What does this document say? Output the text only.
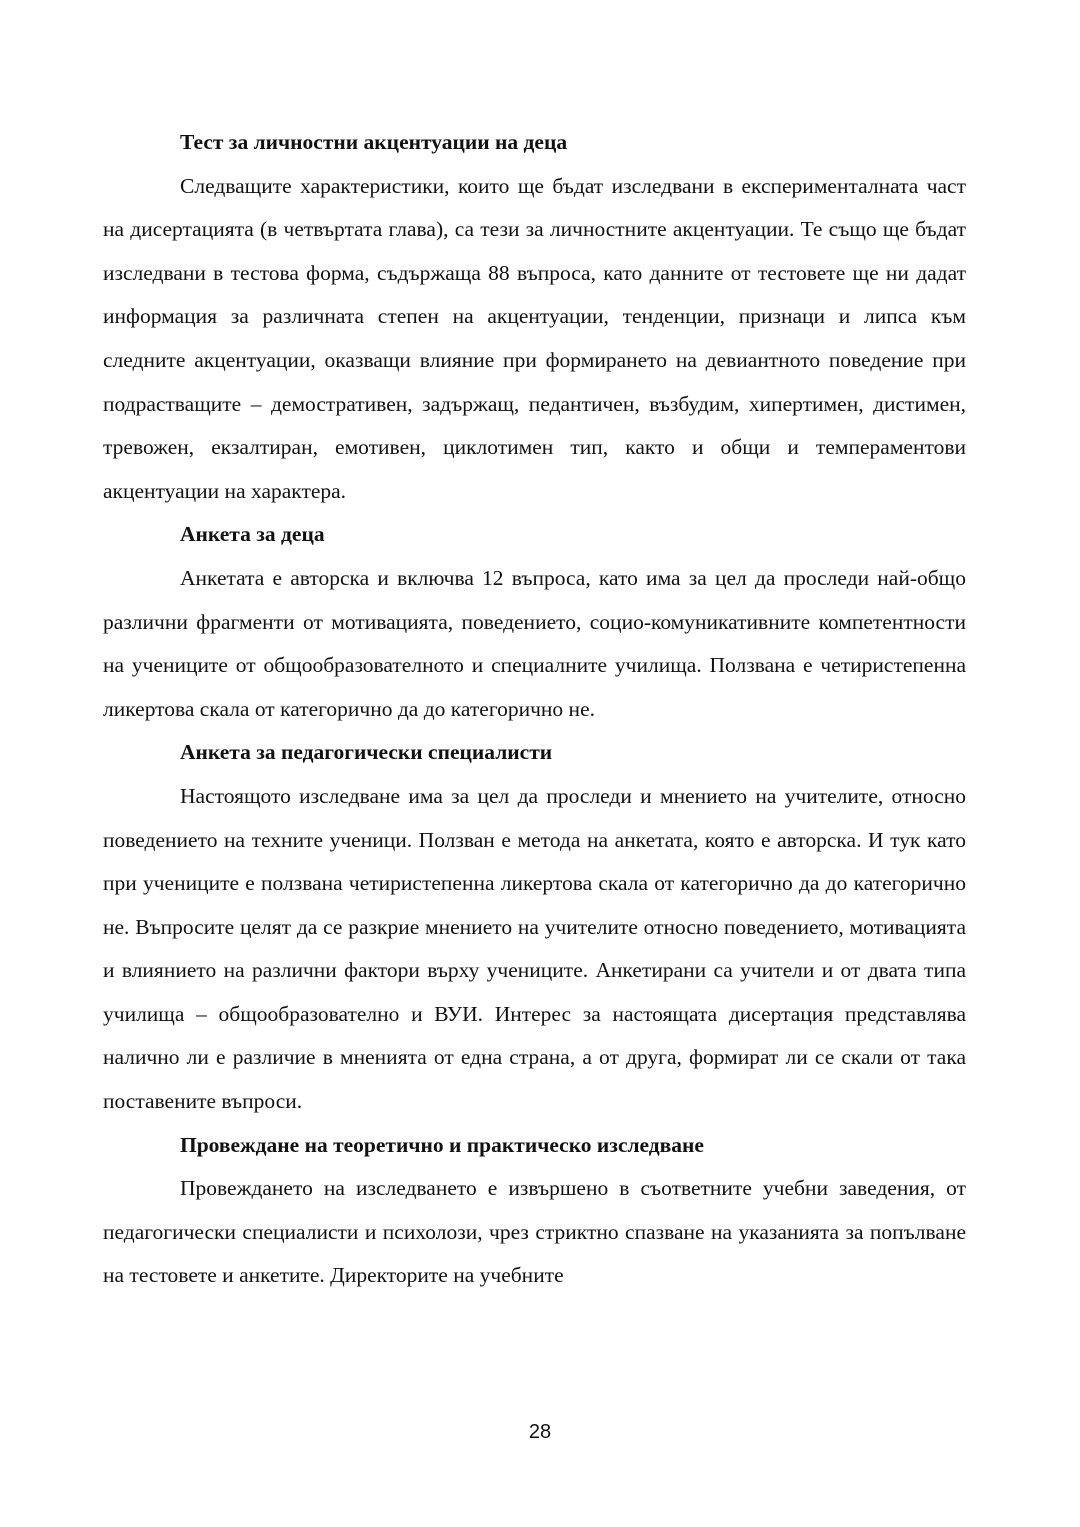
Тест за личностни акцентуации на деца

Следващите характеристики, които ще бъдат изследвани в експерименталната част на дисертацията (в четвъртата глава), са тези за личностните акцентуации. Те също ще бъдат изследвани в тестова форма, съдържаща 88 въпроса, като данните от тестовете ще ни дадат информация за различната степен на акцентуации, тенденции, признаци и липса към следните акцентуации, оказващи влияние при формирането на девиантното поведение при подрастващите – демостративен, задържащ, педантичен, възбудим, хипертимен, дистимен, тревожен, екзалтиран, емотивен, циклотимен тип, както и общи и темпераментови акцентуации на характера.

Анкета за деца

Анкетата е авторска и включва 12 въпроса, като има за цел да проследи най-общо различни фрагменти от мотивацията, поведението, социо-комуникативните компетентности на учениците от общообразователното и специалните училища. Ползвана е четиристепенна ликертова скала от категорично да до категорично не.

Анкета за педагогически специалисти

Настоящото изследване има за цел да проследи и мнението на учителите, относно поведението на техните ученици. Ползван е метода на анкетата, която е авторска. И тук като при учениците е ползвана четиристепенна ликертова скала от категорично да до категорично не. Въпросите целят да се разкрие мнението на учителите относно поведението, мотивацията и влиянието на различни фактори върху учениците. Анкетирани са учители и от двата типа училища – общообразователно и ВУИ. Интерес за настоящата дисертация представлява налично ли е различие в мненията от една страна, а от друга, формират ли се скали от така поставените въпроси.

Провеждане на теоретично и практическо изследване

Провеждането на изследването е извършено в съответните учебни заведения, от педагогически специалисти и психолози, чрез стриктно спазване на указанията за попълване на тестовете и анкетите. Директорите на учебните

28
